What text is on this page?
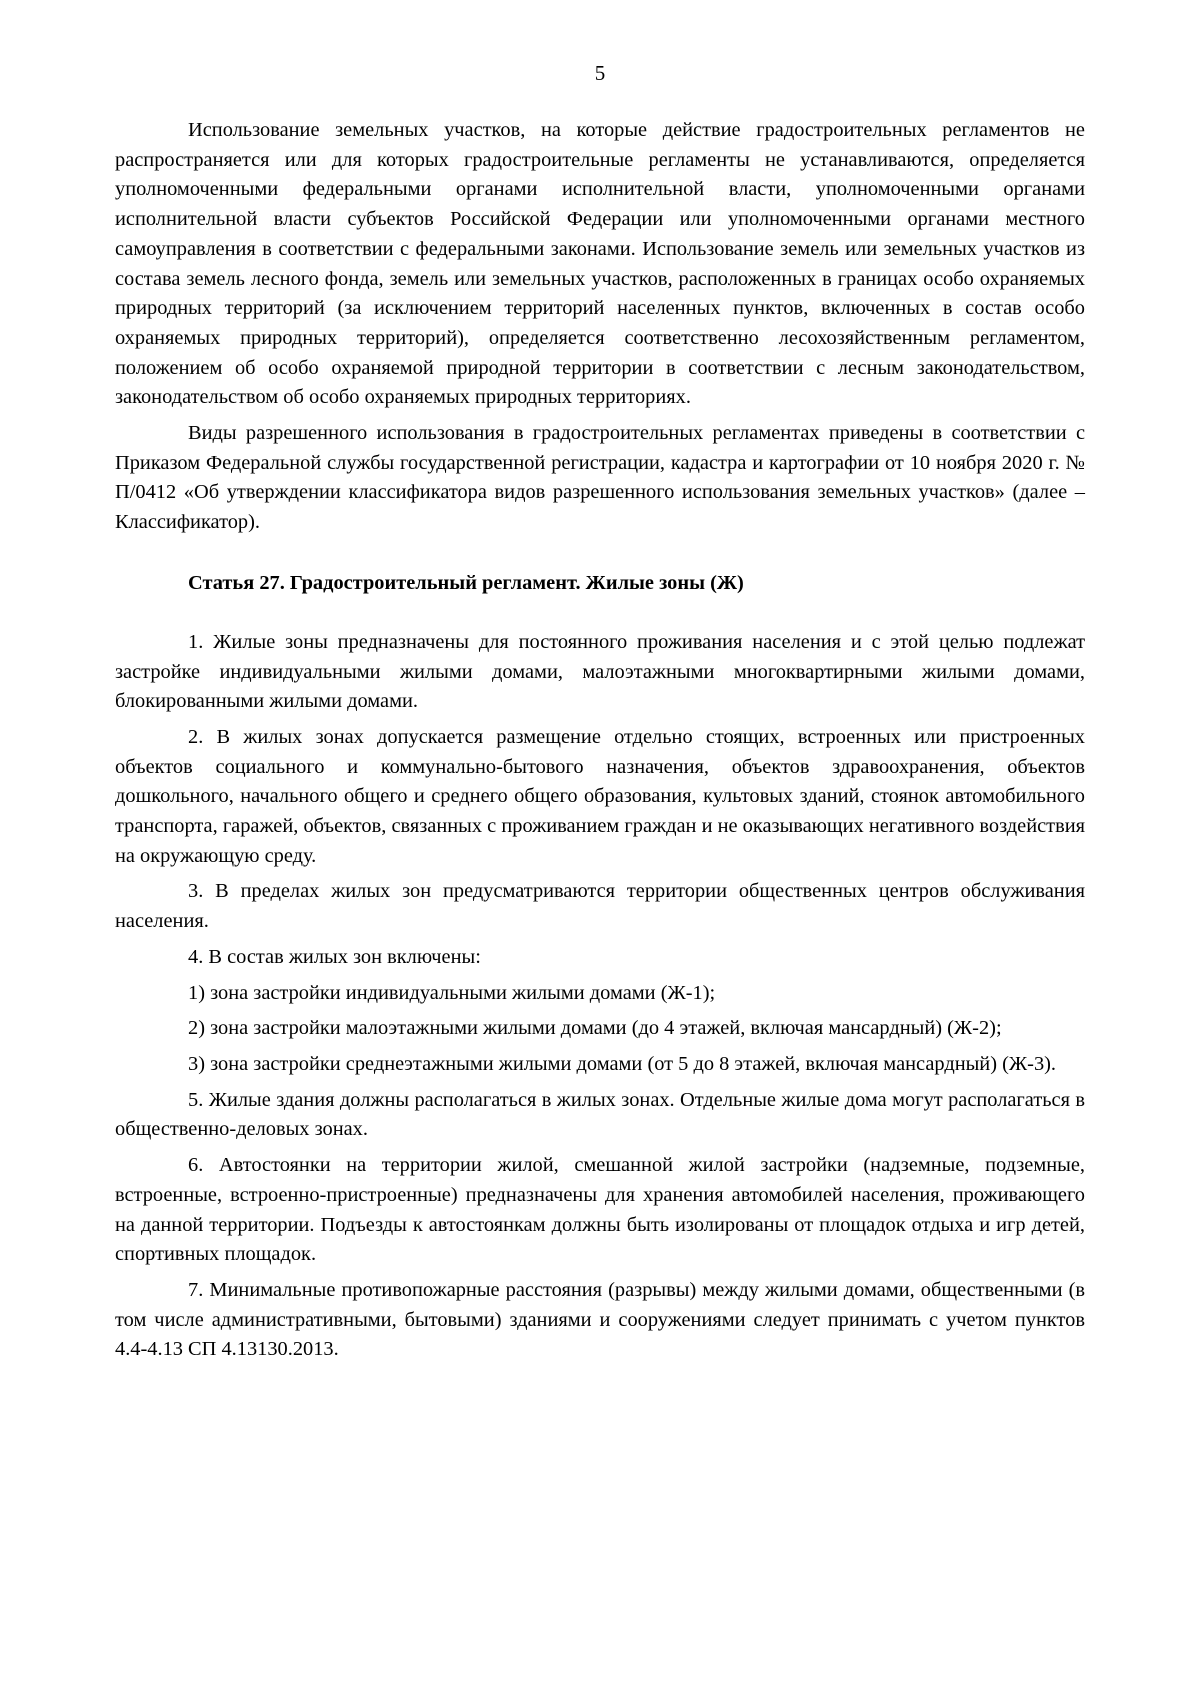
5

Использование земельных участков, на которые действие градостроительных регламентов не распространяется или для которых градостроительные регламенты не устанавливаются, определяется уполномоченными федеральными органами исполнительной власти, уполномоченными органами исполнительной власти субъектов Российской Федерации или уполномоченными органами местного самоуправления в соответствии с федеральными законами. Использование земель или земельных участков из состава земель лесного фонда, земель или земельных участков, расположенных в границах особо охраняемых природных территорий (за исключением территорий населенных пунктов, включенных в состав особо охраняемых природных территорий), определяется соответственно лесохозяйственным регламентом, положением об особо охраняемой природной территории в соответствии с лесным законодательством, законодательством об особо охраняемых природных территориях.

Виды разрешенного использования в градостроительных регламентах приведены в соответствии с Приказом Федеральной службы государственной регистрации, кадастра и картографии от 10 ноября 2020 г. № П/0412 «Об утверждении классификатора видов разрешенного использования земельных участков» (далее – Классификатор).

Статья 27. Градостроительный регламент. Жилые зоны (Ж)

1. Жилые зоны предназначены для постоянного проживания населения и с этой целью подлежат застройке индивидуальными жилыми домами, малоэтажными многоквартирными жилыми домами, блокированными жилыми домами.

2. В жилых зонах допускается размещение отдельно стоящих, встроенных или пристроенных объектов социального и коммунально-бытового назначения, объектов здравоохранения, объектов дошкольного, начального общего и среднего общего образования, культовых зданий, стоянок автомобильного транспорта, гаражей, объектов, связанных с проживанием граждан и не оказывающих негативного воздействия на окружающую среду.

3. В пределах жилых зон предусматриваются территории общественных центров обслуживания населения.

4. В состав жилых зон включены:

1) зона застройки индивидуальными жилыми домами (Ж-1);

2) зона застройки малоэтажными жилыми домами (до 4 этажей, включая мансардный) (Ж-2);

3) зона застройки среднеэтажными жилыми домами (от 5 до 8 этажей, включая мансардный) (Ж-3).

5. Жилые здания должны располагаться в жилых зонах. Отдельные жилые дома могут располагаться в общественно-деловых зонах.

6. Автостоянки на территории жилой, смешанной жилой застройки (надземные, подземные, встроенные, встроенно-пристроенные) предназначены для хранения автомобилей населения, проживающего на данной территории. Подъезды к автостоянкам должны быть изолированы от площадок отдыха и игр детей, спортивных площадок.

7. Минимальные противопожарные расстояния (разрывы) между жилыми домами, общественными (в том числе административными, бытовыми) зданиями и сооружениями следует принимать с учетом пунктов 4.4-4.13 СП 4.13130.2013.
